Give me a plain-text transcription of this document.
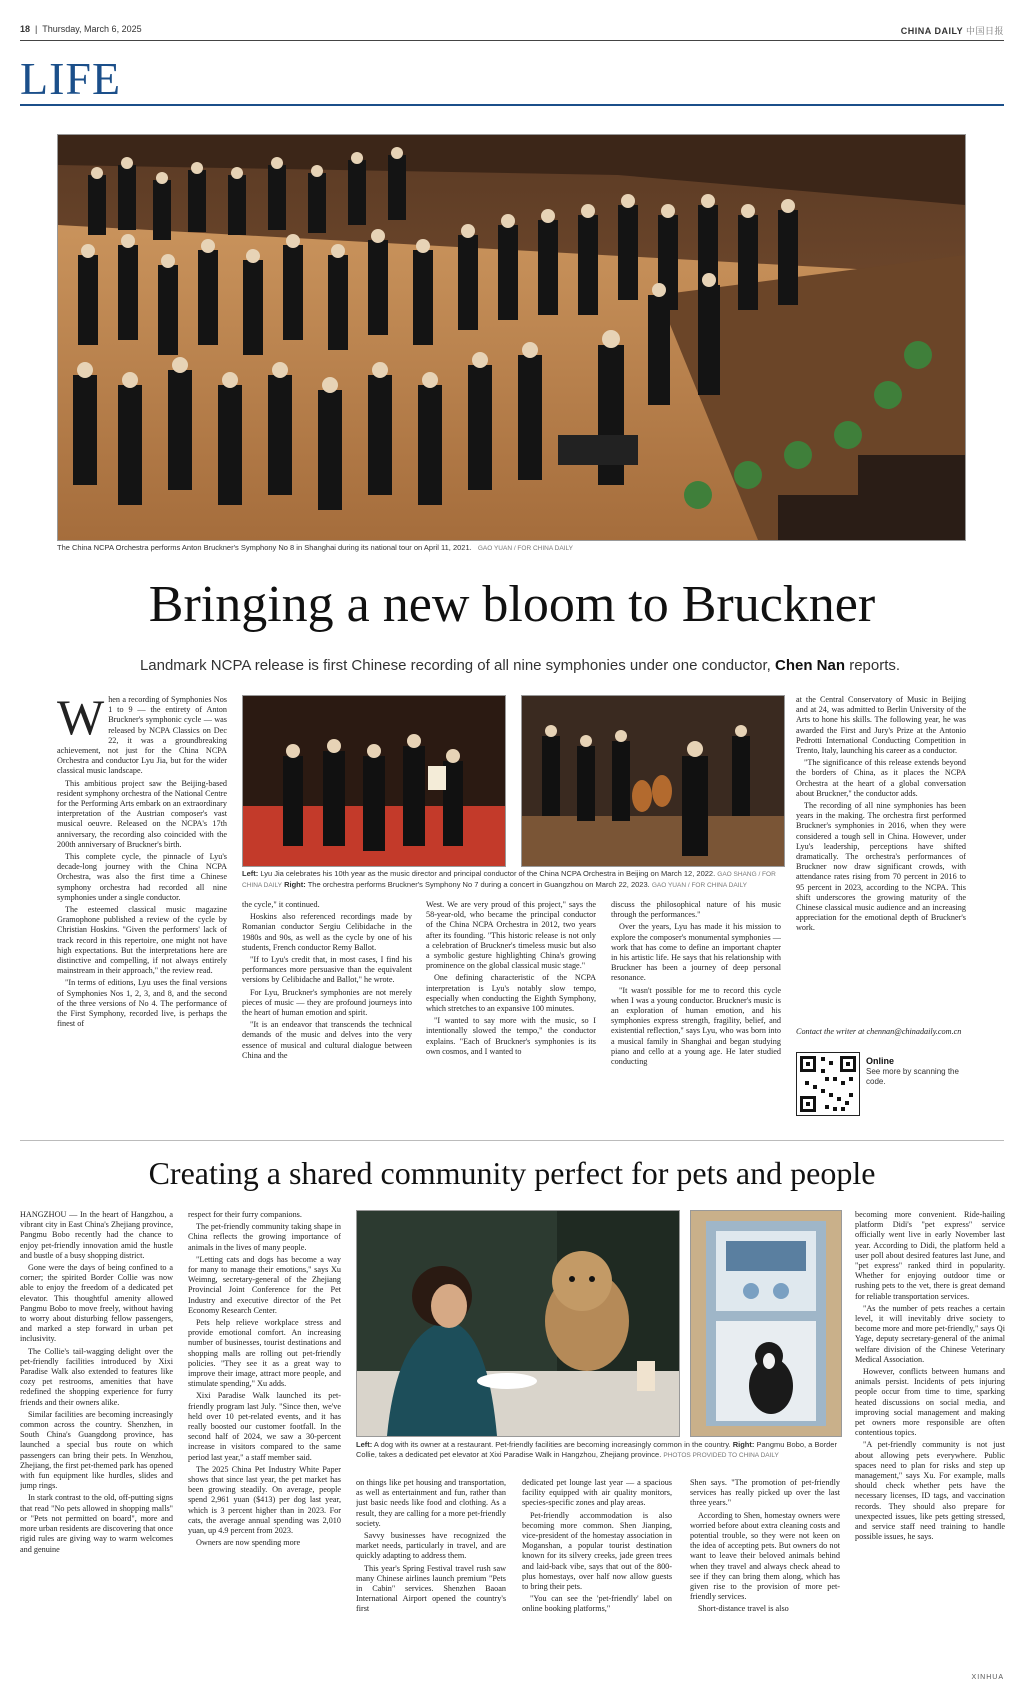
18  |  Thursday, March 6, 2025	CHINA DAILY 中国日报
LIFE
The China NCPA Orchestra performs Anton Bruckner's Symphony No 8 in Shanghai during its national tour on April 11, 2021. GAO YUAN / FOR CHINA DAILY
Bringing a new bloom to Bruckner
Landmark NCPA release is first Chinese recording of all nine symphonies under one conductor, Chen Nan reports.
Left: Lyu Jia celebrates his 10th year as the music director and principal conductor of the China NCPA Orchestra in Beijing on March 12, 2022. GAO SHANG / FOR CHINA DAILY Right: The orchestra performs Bruckner's Symphony No 7 during a concert in Guangzhou on March 22, 2023. GAO YUAN / FOR CHINA DAILY
W hen a recording of Symphonies Nos 1 to 9 — the entirety of Anton Bruckner's symphonic cycle — was released by NCPA Classics on Dec 22, it was a groundbreaking achievement, not just for the China NCPA Orchestra and conductor Lyu Jia, but for the wider classical music landscape.

This ambitious project saw the Beijing-based resident symphony orchestra of the National Centre for the Performing Arts embark on an extraordinary interpretation of the Austrian composer's vast musical oeuvre. Released on the NCPA's 17th anniversary, the recording also coincided with the 200th anniversary of Bruckner's birth.

This complete cycle, the pinnacle of Lyu's decade-long journey with the China NCPA Orchestra, was also the first time a Chinese symphony orchestra had recorded all nine symphonies under a single conductor.

The esteemed classical music magazine Gramophone published a review of the cycle by Christian Hoskins. "Given the performers' lack of track record in this repertoire, one might not have high expectations. But the interpretations here are distinctive and compelling, if not always entirely mainstream in their approach," the review read.

"In terms of editions, Lyu uses the final versions of Symphonies Nos 1, 2, 3, and 8, and the second of the three versions of No 4. The performance of the First Symphony, recorded live, is perhaps the finest of

the cycle," it continued.

Hoskins also referenced recordings made by Romanian conductor Sergiu Celibidache in the 1980s and 90s, as well as the cycle by one of his students, French conductor Remy Ballot.

"If to Lyu's credit that, in most cases, I find his performances more persuasive than the equivalent versions by Celibidache and Ballot," he wrote.

For Lyu, Bruckner's symphonies are not merely pieces of music — they are profound journeys into the heart of human emotion and spirit.

"It is an endeavor that transcends the technical demands of the music and delves into the very essence of musical and cultural dialogue between China and the

West. We are very proud of this project," says the 58-year-old, who became the principal conductor of the China NCPA Orchestra in 2012, two years after its founding. "This historic release is not only a celebration of Bruckner's timeless music but also a symbolic gesture highlighting China's growing prominence on the global classical music stage."

One defining characteristic of the NCPA interpretation is Lyu's notably slow tempo, especially when conducting the Eighth Symphony, which stretches to an expansive 100 minutes.

"I wanted to say more with the music, so I intentionally slowed the tempo," the conductor explains. "Each of Bruckner's symphonies is its own cosmos, and I wanted to

discuss the philosophical nature of his music through the performances."

Over the years, Lyu has made it his mission to explore the composer's monumental symphonies — work that has come to define an important chapter in his artistic life. He says that his relationship with Bruckner has been a journey of deep personal resonance.

"It wasn't possible for me to record this cycle when I was a young conductor. Bruckner's music is an exploration of human emotion, and his symphonies express strength, fragility, belief, and existential reflection," says Lyu, who was born into a musical family in Shanghai and began studying piano and cello at a young age. He later studied conducting

at the Central Conservatory of Music in Beijing and at 24, was admitted to Berlin University of the Arts to hone his skills. The following year, he was awarded the First and Jury's Prize at the Antonio Pedrotti International Conducting Competition in Trento, Italy, launching his career as a conductor.

"The significance of this release extends beyond the borders of China, as it places the NCPA Orchestra at the heart of a global conversation about Bruckner," the conductor adds.

The recording of all nine symphonies has been years in the making. The orchestra first performed Bruckner's symphonies in 2016, when they were considered a tough sell in China. However, under Lyu's leadership, perceptions have shifted dramatically. The orchestra's performances of Bruckner now draw significant crowds, with attendance rates rising from 70 percent in 2016 to 95 percent in 2023, according to the NCPA. This shift underscores the growing maturity of the Chinese classical music audience and an increasing appreciation for the emotional depth of Bruckner's work.

Contact the writer at chennan@chinadaily.com.cn
Online
See more by scanning the code.
Creating a shared community perfect for pets and people
Left: A dog with its owner at a restaurant. Pet-friendly facilities are becoming increasingly common in the country. Right: Pangmu Bobo, a Border Collie, takes a dedicated pet elevator at Xixi Paradise Walk in Hangzhou, Zhejiang province. PHOTOS PROVIDED TO CHINA DAILY

HANGZHOU — In the heart of Hangzhou, a vibrant city in East China's Zhejiang province, Pangmu Bobo recently had the chance to enjoy pet-friendly innovation amid the hustle and bustle of a busy shopping district.

Gone were the days of being confined to a corner; the spirited Border Collie was now able to enjoy the freedom of a dedicated pet elevator. This thoughtful amenity allowed Pangmu Bobo to move freely, without having to worry about disturbing fellow passengers, and marked a step forward in urban pet inclusivity.

The Collie's tail-wagging delight over the pet-friendly facilities introduced by Xixi Paradise Walk also extended to features like cozy pet restrooms, amenities that have redefined the shopping experience for furry friends and their owners alike.

Similar facilities are becoming increasingly common across the country. Shenzhen, in South China's Guangdong province, has launched a special bus route on which passengers can bring their pets. In Wenzhou, Zhejiang, the first pet-themed park has opened with fun equipment like hurdles, slides and jump rings.

In stark contrast to the old, off-putting signs that read "No pets allowed in shopping malls" or "Pets not permitted on board", more and more urban residents are discovering that once rigid rules are giving way to warm welcomes and genuine

respect for their furry companions.

The pet-friendly community taking shape in China reflects the growing importance of animals in the lives of many people.

"Letting cats and dogs has become a way for many to manage their emotions," says Xu Weimng, secretary-general of the Zhejiang Provincial Joint Conference for the Pet Industry and executive director of the Pet Economy Research Center.

Pets help relieve workplace stress and provide emotional comfort. An increasing number of businesses, tourist destinations and shopping malls are rolling out pet-friendly policies. "They see it as a great way to improve their image, attract more people, and stimulate spending," Xu adds.

Xixi Paradise Walk launched its pet-friendly program last July. "Since then, we've held over 10 pet-related events, and it has really boosted our customer footfall. In the second half of 2024, we saw a 30-percent increase in visitors compared to the same period last year," a staff member said.

The 2025 China Pet Industry White Paper shows that since last year, the pet market has been growing steadily. On average, people spend 2,961 yuan ($413) per dog last year, which is 3 percent higher than in 2023. For cats, the average annual spending was 2,010 yuan, up 4.9 percent from 2023.

Owners are now spending more

on things like pet housing and transportation, as well as entertainment and fun, rather than just basic needs like food and clothing. As a result, they are calling for a more pet-friendly society.

Savvy businesses have recognized the market needs, particularly in travel, and are quickly adapting to address them.

This year's Spring Festival travel rush saw many Chinese airlines launch premium "Pets in Cabin" services. Shenzhen Baoan International Airport opened the country's first

dedicated pet lounge last year — a spacious facility equipped with air quality monitors, species-specific zones and play areas.

Pet-friendly accommodation is also becoming more common. Shen Jianping, vice-president of the homestay association in Moganshan, a popular tourist destination known for its silvery creeks, jade green trees and laid-back vibe, says that out of the 800-plus homestays, over half now allow guests to bring their pets.

"You can see the 'pet-friendly' label on online booking platforms,"

Shen says. "The promotion of pet-friendly services has really picked up over the last three years."

According to Shen, homestay owners were worried before about extra cleaning costs and potential trouble, so they were not keen on the idea of accepting pets. But owners do not want to leave their beloved animals behind when they travel and always check ahead to see if they can bring them along, which has given rise to the provision of more pet-friendly services.

Short-distance travel is also

becoming more convenient. Ride-hailing platform Didi's "pet express" service officially went live in early November last year. According to Didi, the platform held a user poll about desired features last June, and "pet express" ranked third in popularity. Whether for enjoying outdoor time or rushing pets to the vet, there is great demand for reliable transportation services.

"As the number of pets reaches a certain level, it will inevitably drive society to become more and more pet-friendly," says Qi Yage, deputy secretary-general of the animal welfare division of the Chinese Veterinary Medical Association.

However, conflicts between humans and animals persist. Incidents of pets injuring people occur from time to time, sparking heated discussions on social media, and improving social management and making pet owners more responsible are often contentious topics.

"A pet-friendly community is not just about allowing pets everywhere. Public spaces need to plan for risks and step up management," says Xu. For example, malls should check whether pets have the necessary licenses, ID tags, and vaccination records. They should also prepare for unexpected issues, like pets getting stressed, and service staff need training to handle possible issues, he says.

XINHUA
